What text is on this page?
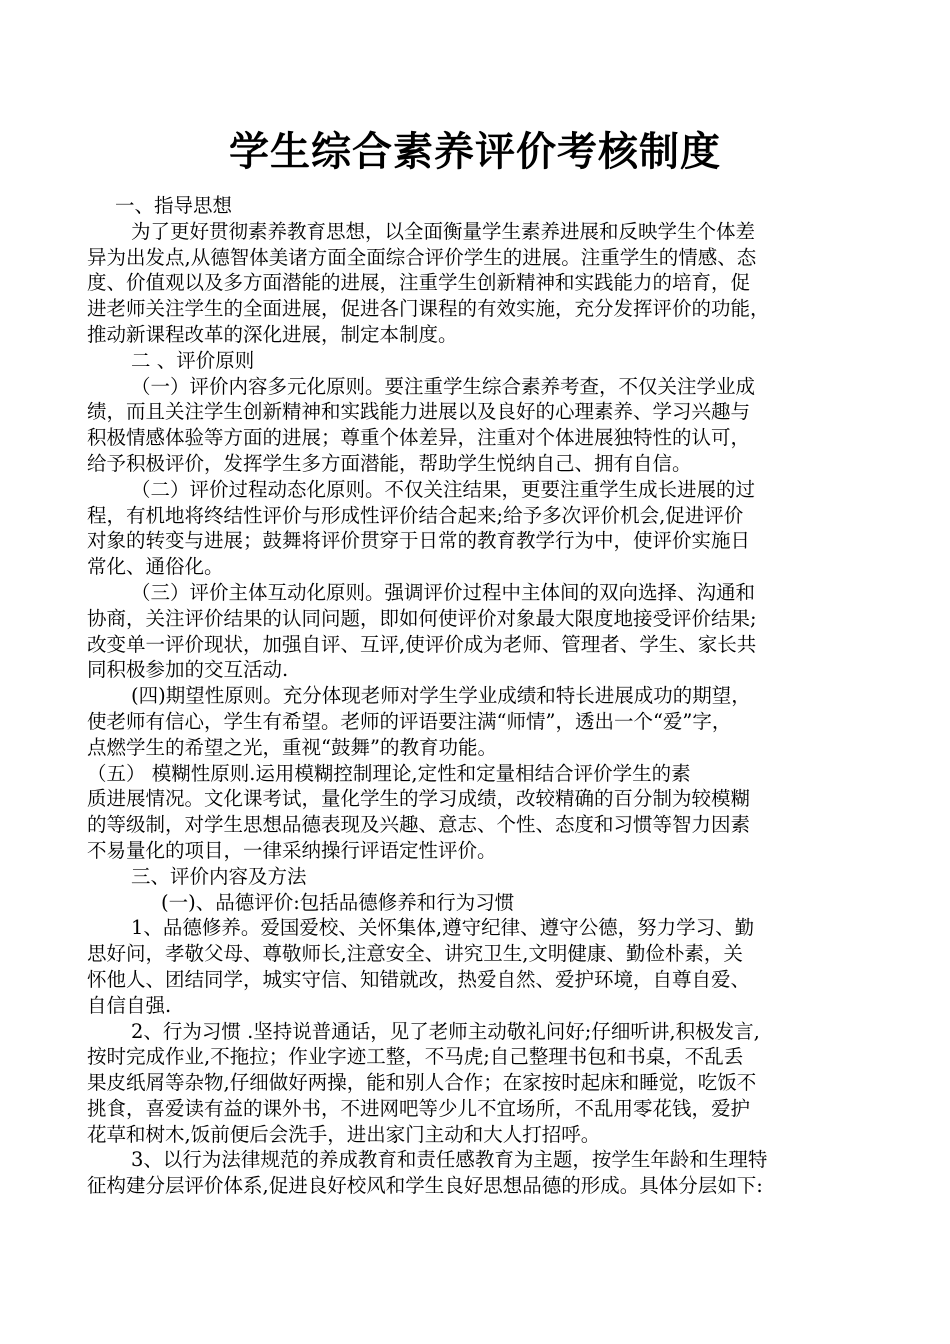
学生综合素养评价考核制度
一、指导思想
为了更好贯彻素养教育思想，以全面衡量学生素养进展和反映学生个体差
异为出发点,从德智体美诸方面全面综合评价学生的进展。注重学生的情感、态
度、价值观以及多方面潜能的进展，注重学生创新精神和实践能力的培育，促
进老师关注学生的全面进展，促进各门课程的有效实施，充分发挥评价的功能，
推动新课程改革的深化进展，制定本制度。
二 、评价原则
（一）评价内容多元化原则。要注重学生综合素养考查，不仅关注学业成
绩，而且关注学生创新精神和实践能力进展以及良好的心理素养、学习兴趣与
积极情感体验等方面的进展；尊重个体差异，注重对个体进展独特性的认可，
给予积极评价，发挥学生多方面潜能，帮助学生悦纳自己、拥有自信。
（二）评价过程动态化原则。不仅关注结果，更要注重学生成长进展的过
程，有机地将终结性评价与形成性评价结合起来;给予多次评价机会,促进评价
对象的转变与进展；鼓舞将评价贯穿于日常的教育教学行为中，使评价实施日
常化、通俗化。
（三）评价主体互动化原则。强调评价过程中主体间的双向选择、沟通和
协商，关注评价结果的认同问题，即如何使评价对象最大限度地接受评价结果;
改变单一评价现状，加强自评、互评,使评价成为老师、管理者、学生、家长共
同积极参加的交互活动.
(四)期望性原则。充分体现老师对学生学业成绩和特长进展成功的期望，
使老师有信心，学生有希望。老师的评语要注满“师情”，透出一个“爱”字，
点燃学生的希望之光，重视“鼓舞”的教育功能。
（五） 模糊性原则.运用模糊控制理论,定性和定量相结合评价学生的素
质进展情况。文化课考试，量化学生的学习成绩，改较精确的百分制为较模糊
的等级制，对学生思想品德表现及兴趣、意志、个性、态度和习惯等智力因素
不易量化的项目，一律采纳操行评语定性评价。
三、评价内容及方法
(一)、品德评价:包括品德修养和行为习惯
1、品德修养。爱国爱校、关怀集体,遵守纪律、遵守公德，努力学习、勤
思好问，孝敬父母、尊敬师长,注意安全、讲究卫生,文明健康、勤俭朴素，关
怀他人、团结同学，城实守信、知错就改，热爱自然、爱护环境，自尊自爱、
自信自强.
2、行为习惯 .坚持说普通话，见了老师主动敬礼问好;仔细听讲,积极发言,
按时完成作业,不拖拉；作业字迹工整，不马虎;自己整理书包和书桌，不乱丢
果皮纸屑等杂物,仔细做好两操，能和别人合作；在家按时起床和睡觉，吃饭不
挑食，喜爱读有益的课外书，不进网吧等少儿不宜场所，不乱用零花钱，爱护
花草和树木,饭前便后会洗手，进出家门主动和大人打招呼。
3、以行为法律规范的养成教育和责任感教育为主题，按学生年龄和生理特
征构建分层评价体系,促进良好校风和学生良好思想品德的形成。具体分层如下:
